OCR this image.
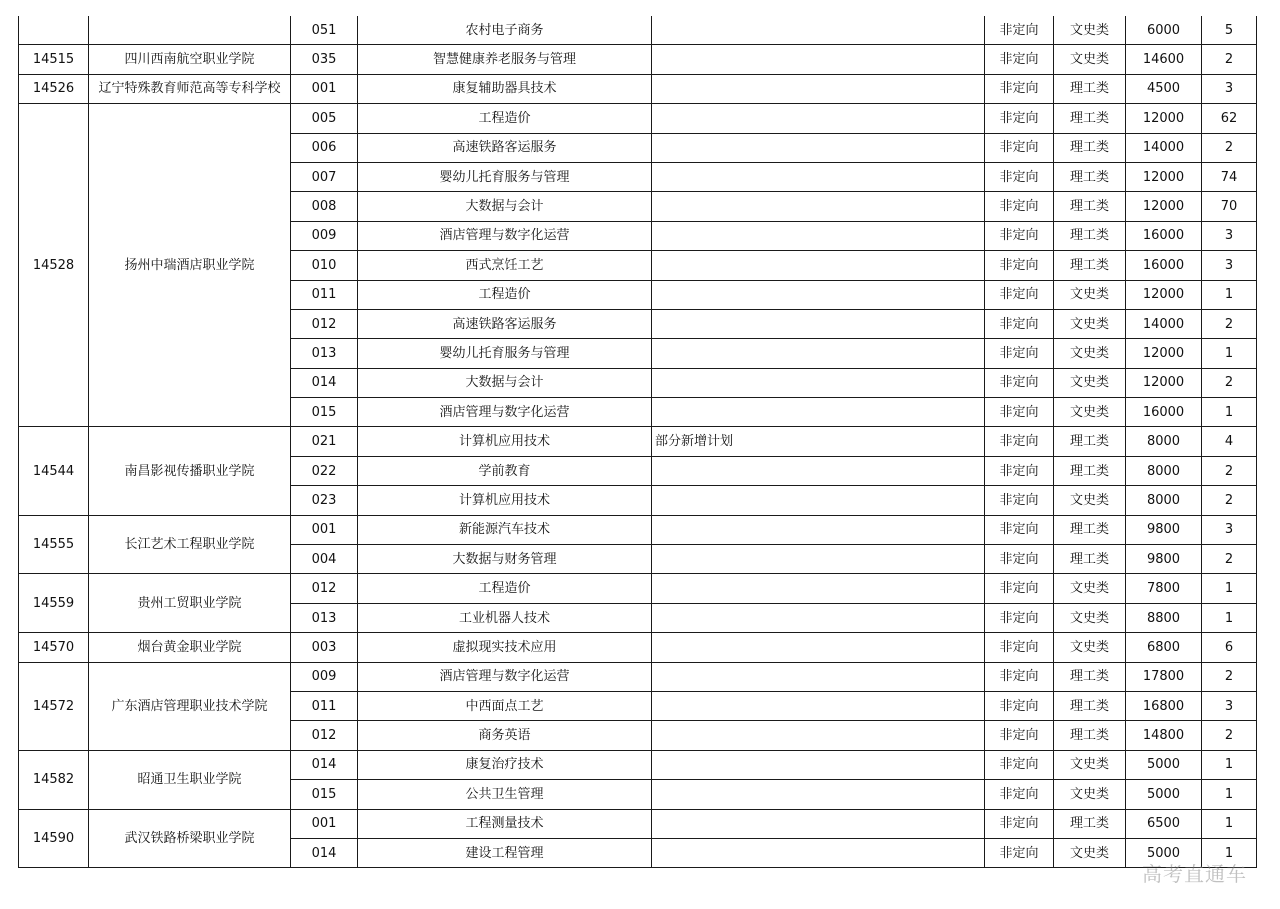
		051	农村电子商务		非定向	文史类	6000	5
14515	四川西南航空职业学院	035	智慧健康养老服务与管理		非定向	文史类	14600	2
14526	辽宁特殊教育师范高等专科学校	001	康复辅助器具技术		非定向	理工类	4500	3
14528	扬州中瑞酒店职业学院	005	工程造价		非定向	理工类	12000	62
		006	高速铁路客运服务		非定向	理工类	14000	2
		007	婴幼儿托育服务与管理		非定向	理工类	12000	74
		008	大数据与会计		非定向	理工类	12000	70
		009	酒店管理与数字化运营		非定向	理工类	16000	3
		010	西式烹饪工艺		非定向	理工类	16000	3
		011	工程造价		非定向	文史类	12000	1
		012	高速铁路客运服务		非定向	文史类	14000	2
		013	婴幼儿托育服务与管理		非定向	文史类	12000	1
		014	大数据与会计		非定向	文史类	12000	2
		015	酒店管理与数字化运营		非定向	文史类	16000	1
14544	南昌影视传播职业学院	021	计算机应用技术	部分新增计划	非定向	理工类	8000	4
		022	学前教育		非定向	理工类	8000	2
		023	计算机应用技术		非定向	文史类	8000	2
14555	长江艺术工程职业学院	001	新能源汽车技术		非定向	理工类	9800	3
		004	大数据与财务管理		非定向	理工类	9800	2
14559	贵州工贸职业学院	012	工程造价		非定向	文史类	7800	1
		013	工业机器人技术		非定向	文史类	8800	1
14570	烟台黄金职业学院	003	虚拟现实技术应用		非定向	文史类	6800	6
14572	广东酒店管理职业技术学院	009	酒店管理与数字化运营		非定向	理工类	17800	2
		011	中西面点工艺		非定向	理工类	16800	3
		012	商务英语		非定向	理工类	14800	2
14582	昭通卫生职业学院	014	康复治疗技术		非定向	文史类	5000	1
		015	公共卫生管理		非定向	文史类	5000	1
14590	武汉铁路桥梁职业学院	001	工程测量技术		非定向	理工类	6500	1
		014	建设工程管理		非定向	文史类	5000	1
高考直通车
